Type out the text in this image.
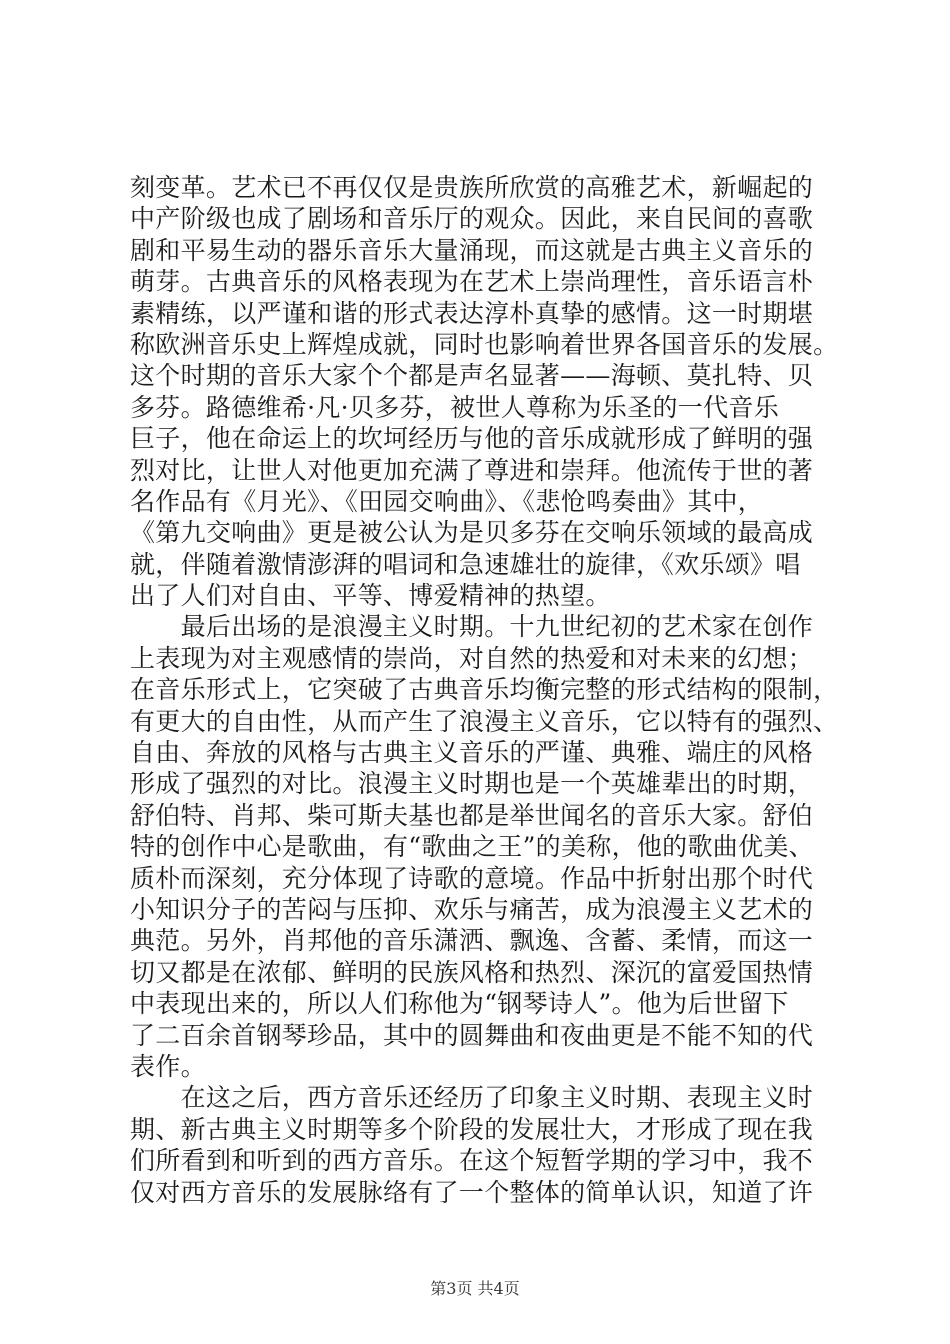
刻变革。艺术已不再仅仅是贵族所欣赏的高雅艺术，新崛起的
中产阶级也成了剧场和音乐厅的观众。因此，来自民间的喜歌
剧和平易生动的器乐音乐大量涌现，而这就是古典主义音乐的
萌芽。古典音乐的风格表现为在艺术上崇尚理性，音乐语言朴
素精练，以严谨和谐的形式表达淳朴真挚的感情。这一时期堪
称欧洲音乐史上辉煌成就，同时也影响着世界各国音乐的发展。
这个时期的音乐大家个个都是声名显著——海顿、莫扎特、贝
多芬。路德维希·凡·贝多芬，被世人尊称为乐圣的一代音乐
巨子，他在命运上的坎坷经历与他的音乐成就形成了鲜明的强
烈对比，让世人对他更加充满了尊进和崇拜。他流传于世的著
名作品有《月光》、《田园交响曲》、《悲怆鸣奏曲》其中，
《第九交响曲》更是被公认为是贝多芬在交响乐领域的最高成
就，伴随着激情澎湃的唱词和急速雄壮的旋律，《欢乐颂》唱
出了人们对自由、平等、博爱精神的热望。
　　最后出场的是浪漫主义时期。十九世纪初的艺术家在创作
上表现为对主观感情的崇尚，对自然的热爱和对未来的幻想；
在音乐形式上，它突破了古典音乐均衡完整的形式结构的限制，
有更大的自由性，从而产生了浪漫主义音乐，它以特有的强烈、
自由、奔放的风格与古典主义音乐的严谨、典雅、端庄的风格
形成了强烈的对比。浪漫主义时期也是一个英雄辈出的时期，
舒伯特、肖邦、柴可斯夫基也都是举世闻名的音乐大家。舒伯
特的创作中心是歌曲，有“歌曲之王”的美称，他的歌曲优美、
质朴而深刻，充分体现了诗歌的意境。作品中折射出那个时代
小知识分子的苦闷与压抑、欢乐与痛苦，成为浪漫主义艺术的
典范。另外，肖邦他的音乐潇洒、飘逸、含蓄、柔情，而这一
切又都是在浓郁、鲜明的民族风格和热烈、深沉的富爱国热情
中表现出来的，所以人们称他为“钢琴诗人”。他为后世留下
了二百余首钢琴珍品，其中的圆舞曲和夜曲更是不能不知的代
表作。
　　在这之后，西方音乐还经历了印象主义时期、表现主义时
期、新古典主义时期等多个阶段的发展壮大，才形成了现在我
们所看到和听到的西方音乐。在这个短暂学期的学习中，我不
仅对西方音乐的发展脉络有了一个整体的简单认识，知道了许
第3页 共4页
